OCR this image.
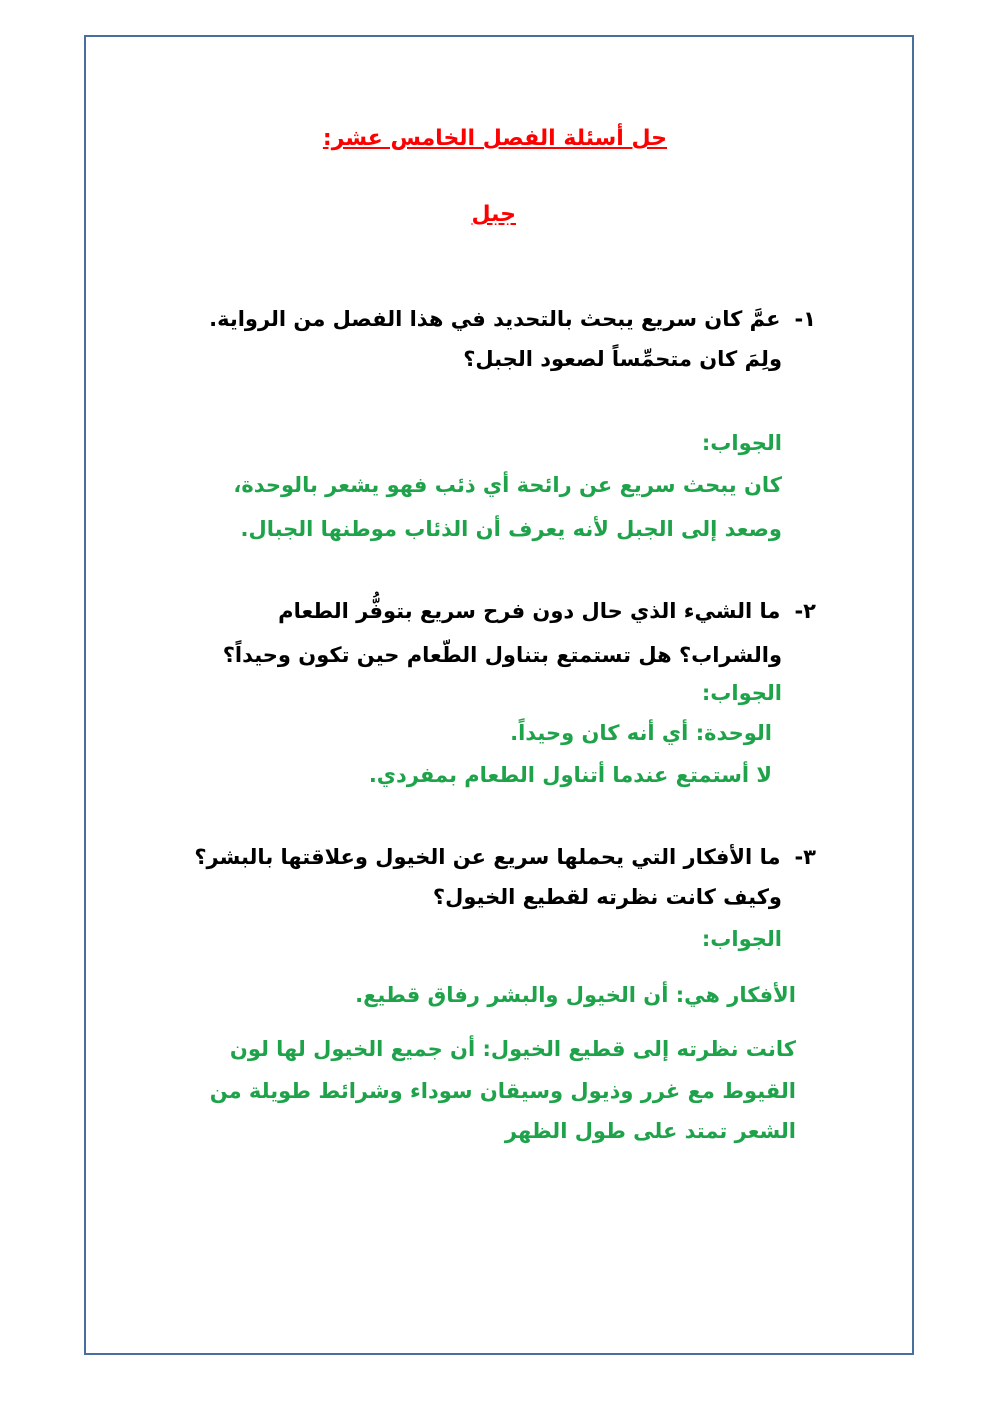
حل أسئلة الفصل الخامس عشر:
جبل
١-عمَّ كان سريع يبحث بالتحديد في هذا الفصل من الرواية.
ولِمَ كان متحمِّساً لصعود الجبل؟
الجواب:
كان يبحث سريع عن رائحة أي ذئب فهو يشعر بالوحدة،
وصعد إلى الجبل لأنه يعرف أن الذئاب موطنها الجبال.
٢-ما الشيء الذي حال دون فرح سريع بتوفُّر الطعام
والشراب؟ هل تستمتع بتناول الطّعام حين تكون وحيداً؟
الجواب:
الوحدة: أي أنه كان وحيداً.
لا أستمتع عندما أتناول الطعام بمفردي.
٣-ما الأفكار التي يحملها سريع عن الخيول وعلاقتها بالبشر؟
وكيف كانت نظرته لقطيع الخيول؟
الجواب:
الأفكار هي: أن الخيول والبشر رفاق قطيع.
كانت نظرته إلى قطيع الخيول: أن جميع الخيول لها لون
القيوط مع غرر وذيول وسيقان سوداء وشرائط طويلة من
الشعر تمتد على طول الظهر
